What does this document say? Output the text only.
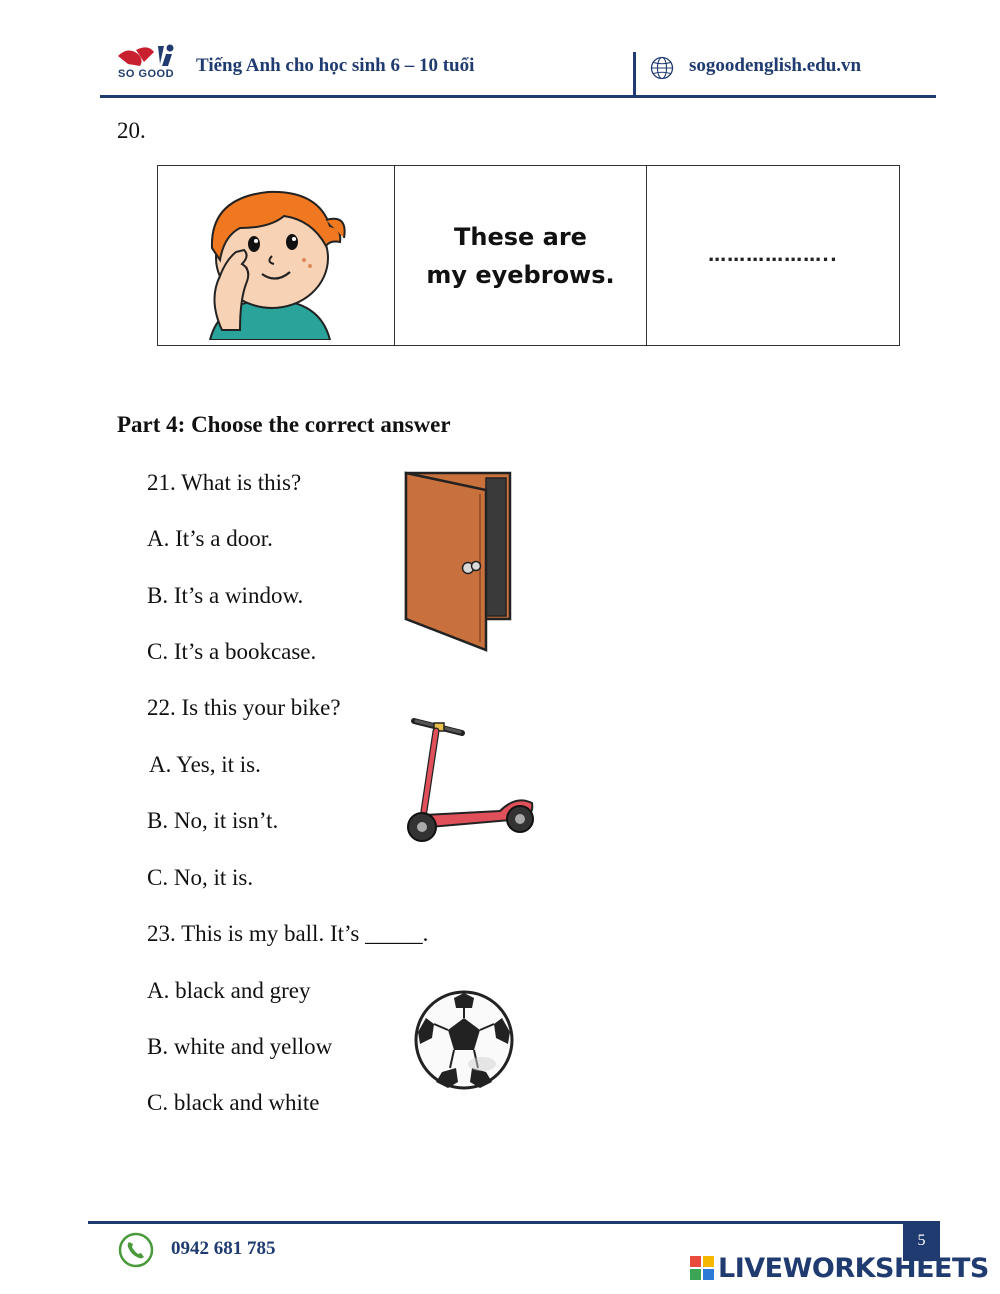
SO GOOD Tiếng Anh cho học sinh 6 – 10 tuổi	sogoodenglish.edu.vn
20.
These are
my eyebrows.
………………..
Part 4: Choose the correct answer
21. What is this?
A. It’s a door.
B. It’s a window.
C. It’s a bookcase.
22. Is this your bike?
A. Yes, it is.
B. No, it isn’t.
C. No, it is.
23. This is my ball. It’s _____.
A. black and grey
B. white and yellow
C. black and white
5
0942 681 785
LIVEWORKSHEETS
